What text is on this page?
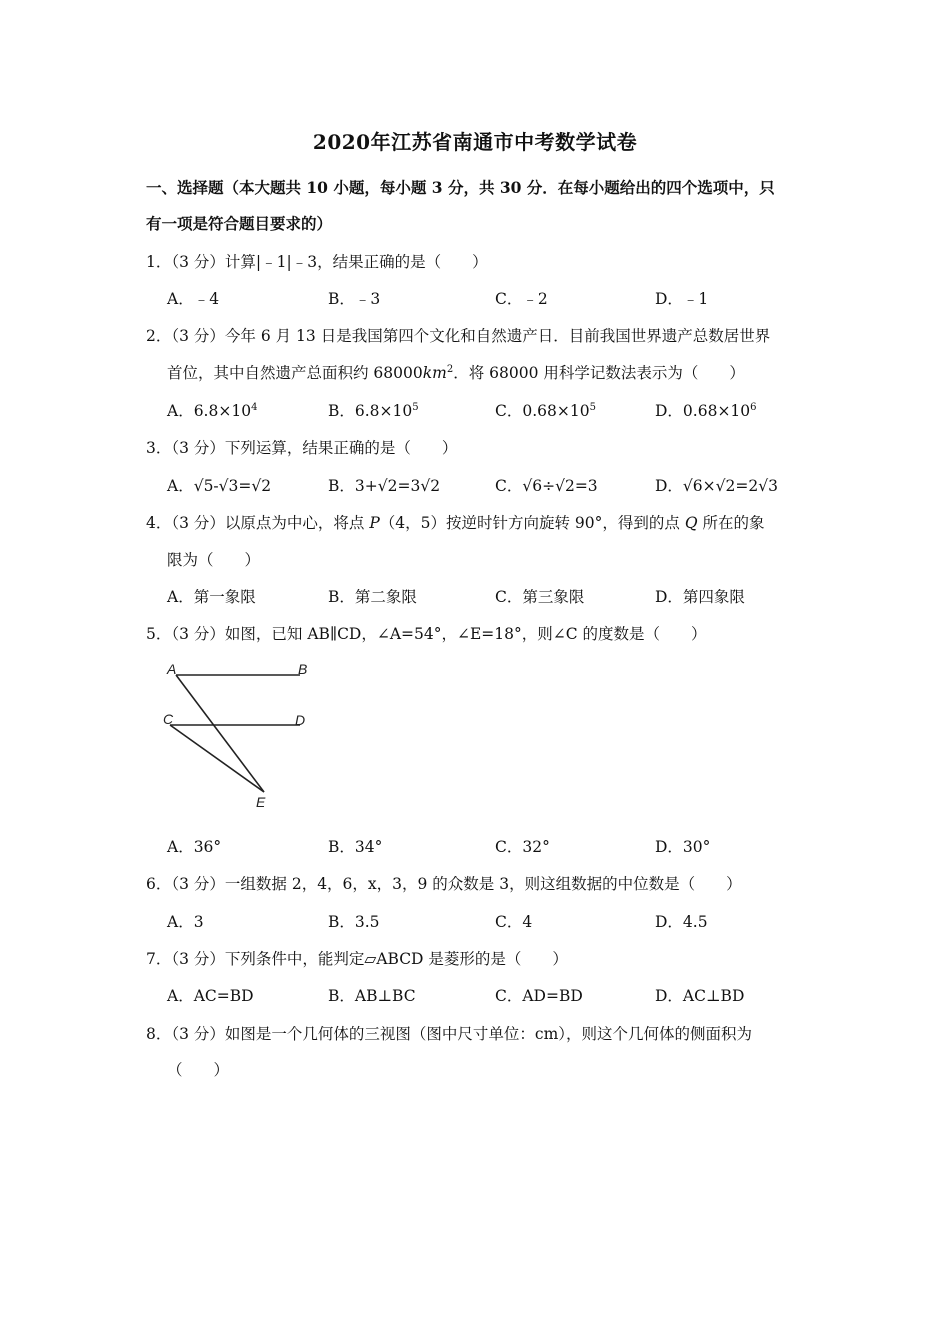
2020年江苏省南通市中考数学试卷
一、选择题（本大题共 10 小题，每小题 3 分，共 30 分．在每小题给出的四个选项中，只
有一项是符合题目要求的）
1．（3 分）计算|﹣1|﹣3，结果正确的是（　　）
A．﹣4	B．﹣3	C．﹣2	D．﹣1
2．（3 分）今年 6 月 13 日是我国第四个文化和自然遗产日．目前我国世界遗产总数居世界
首位，其中自然遗产总面积约 $68000km^2$．将 68000 用科学记数法表示为（　　）
A．$6.8\times 10^4$	B．$6.8\times 10^5$	C．$0.68\times 10^5$	D．$0.68\times 10^6$
3．（3 分）下列运算，结果正确的是（　　）
A．√5-√3=√2	B．3+√2=3√2	C．√6÷√2=3	D．√6×√2=2√3
4．（3 分）以原点为中心，将点 P（4，5）按逆时针方向旋转 90°，得到的点 Q 所在的象
限为（　　）
A．第一象限	B．第二象限	C．第三象限	D．第四象限
5．（3 分）如图，已知 AB∥CD，∠A=54°，∠E=18°，则∠C 的度数是（　　）
A	B
C	D
E
A．36°	B．34°	C．32°	D．30°
6．（3 分）一组数据 2，4，6，x，3，9 的众数是 3，则这组数据的中位数是（　　）
A．3	B．3.5	C．4	D．4.5
7．（3 分）下列条件中，能判定▱ABCD 是菱形的是（　　）
A．AC=BD	B．AB⊥BC	C．AD=BD	D．AC⊥BD
8．（3 分）如图是一个几何体的三视图（图中尺寸单位：cm），则这个几何体的侧面积为
（　　）
